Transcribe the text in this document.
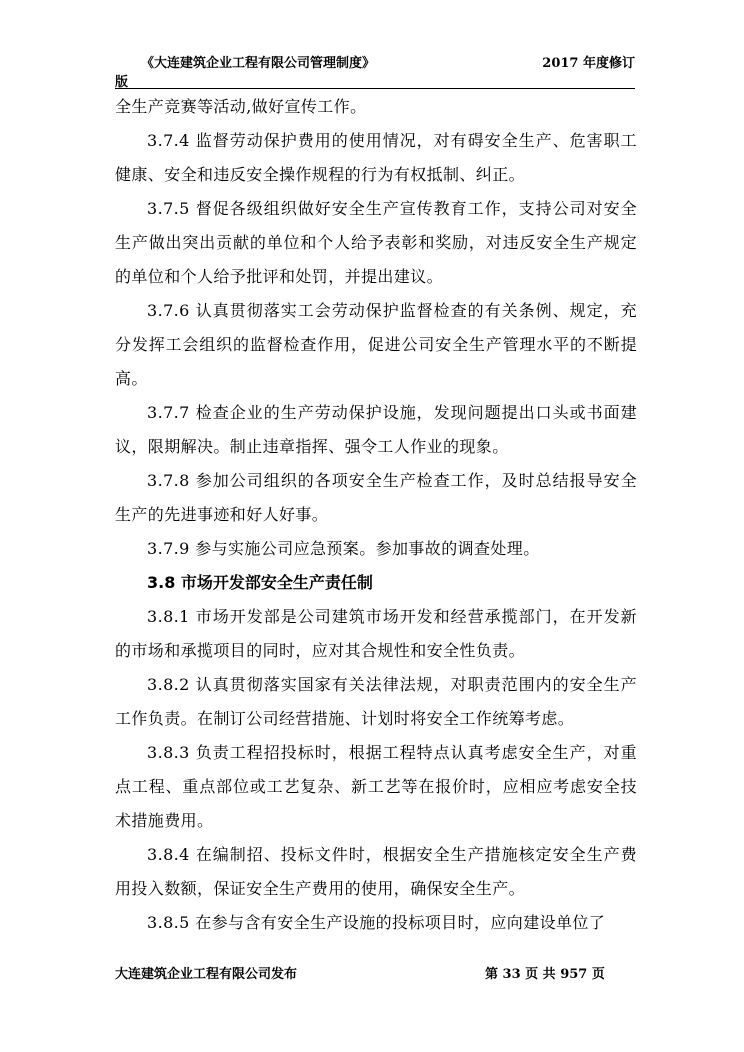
《大连建筑企业工程有限公司管理制度》	2017 年度修订
版

全生产竞赛等活动,做好宣传工作。

3.7.4 监督劳动保护费用的使用情况，对有碍安全生产、危害职工健康、安全和违反安全操作规程的行为有权抵制、纠正。

3.7.5 督促各级组织做好安全生产宣传教育工作，支持公司对安全生产做出突出贡献的单位和个人给予表彰和奖励，对违反安全生产规定的单位和个人给予批评和处罚，并提出建议。

3.7.6 认真贯彻落实工会劳动保护监督检查的有关条例、规定，充分发挥工会组织的监督检查作用，促进公司安全生产管理水平的不断提高。

3.7.7 检查企业的生产劳动保护设施，发现问题提出口头或书面建议，限期解决。制止违章指挥、强令工人作业的现象。

3.7.8 参加公司组织的各项安全生产检查工作，及时总结报导安全生产的先进事迹和好人好事。

3.7.9 参与实施公司应急预案。参加事故的调查处理。

3.8 市场开发部安全生产责任制

3.8.1 市场开发部是公司建筑市场开发和经营承揽部门，在开发新的市场和承揽项目的同时，应对其合规性和安全性负责。

3.8.2 认真贯彻落实国家有关法律法规，对职责范围内的安全生产工作负责。在制订公司经营措施、计划时将安全工作统筹考虑。

3.8.3 负责工程招投标时，根据工程特点认真考虑安全生产，对重点工程、重点部位或工艺复杂、新工艺等在报价时，应相应考虑安全技术措施费用。

3.8.4 在编制招、投标文件时，根据安全生产措施核定安全生产费用投入数额，保证安全生产费用的使用，确保安全生产。

3.8.5 在参与含有安全生产设施的投标项目时，应向建设单位了

大连建筑企业工程有限公司发布	第 33 页 共 957 页
